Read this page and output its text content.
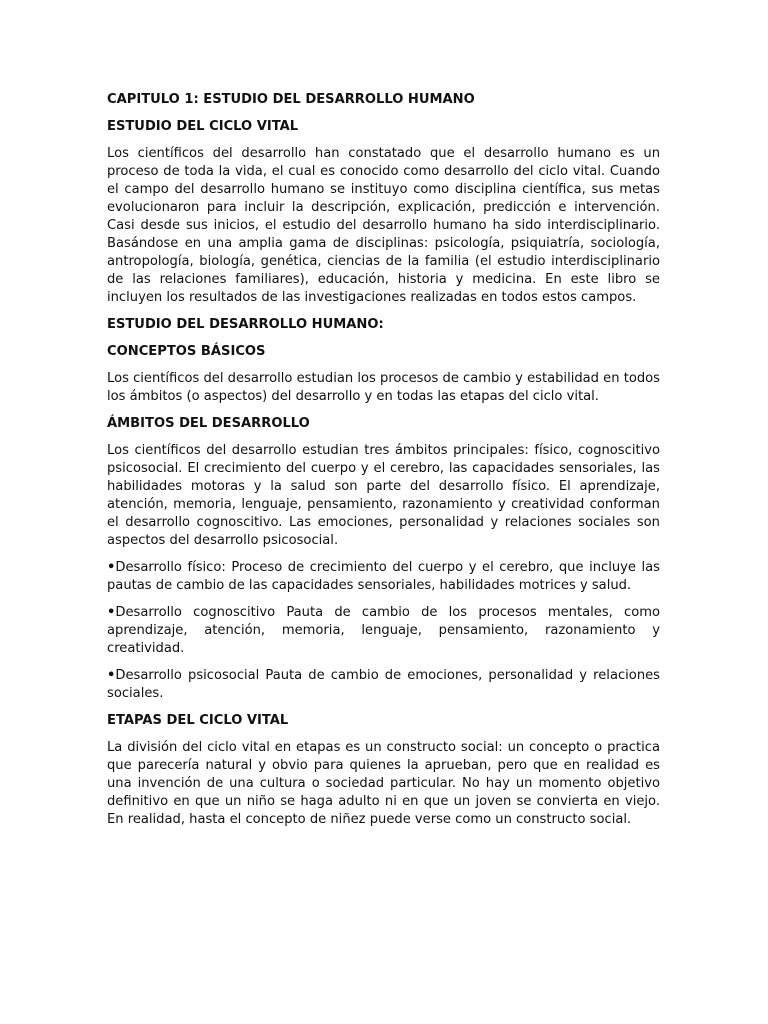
CAPITULO 1: ESTUDIO DEL DESARROLLO HUMANO
ESTUDIO DEL CICLO VITAL
Los científicos del desarrollo han constatado que el desarrollo humano es un proceso de toda la vida, el cual es conocido como desarrollo del ciclo vital. Cuando el campo del desarrollo humano se instituyo como disciplina científica, sus metas evolucionaron para incluir la descripción, explicación, predicción e intervención. Casi desde sus inicios, el estudio del desarrollo humano ha sido interdisciplinario. Basándose en una amplia gama de disciplinas: psicología, psiquiatría, sociología, antropología, biología, genética, ciencias de la familia (el estudio interdisciplinario de las relaciones familiares), educación, historia y medicina. En este libro se incluyen los resultados de las investigaciones realizadas en todos estos campos.
ESTUDIO DEL DESARROLLO HUMANO:
CONCEPTOS BÁSICOS
Los científicos del desarrollo estudian los procesos de cambio y estabilidad en todos los ámbitos (o aspectos) del desarrollo y en todas las etapas del ciclo vital.
ÁMBITOS DEL DESARROLLO
Los científicos del desarrollo estudian tres ámbitos principales: físico, cognoscitivo psicosocial. El crecimiento del cuerpo y el cerebro, las capacidades sensoriales, las habilidades motoras y la salud son parte del desarrollo físico. El aprendizaje, atención, memoria, lenguaje, pensamiento, razonamiento y creatividad conforman el desarrollo cognoscitivo. Las emociones, personalidad y relaciones sociales son aspectos del desarrollo psicosocial.
•Desarrollo físico: Proceso de crecimiento del cuerpo y el cerebro, que incluye las pautas de cambio de las capacidades sensoriales, habilidades motrices y salud.
•Desarrollo cognoscitivo Pauta de cambio de los procesos mentales, como aprendizaje, atención, memoria, lenguaje, pensamiento, razonamiento y creatividad.
•Desarrollo psicosocial Pauta de cambio de emociones, personalidad y relaciones sociales.
ETAPAS DEL CICLO VITAL
La división del ciclo vital en etapas es un constructo social: un concepto o practica que parecería natural y obvio para quienes la aprueban, pero que en realidad es una invención de una cultura o sociedad particular. No hay un momento objetivo definitivo en que un niño se haga adulto ni en que un joven se convierta en viejo. En realidad, hasta el concepto de niñez puede verse como un constructo social.
